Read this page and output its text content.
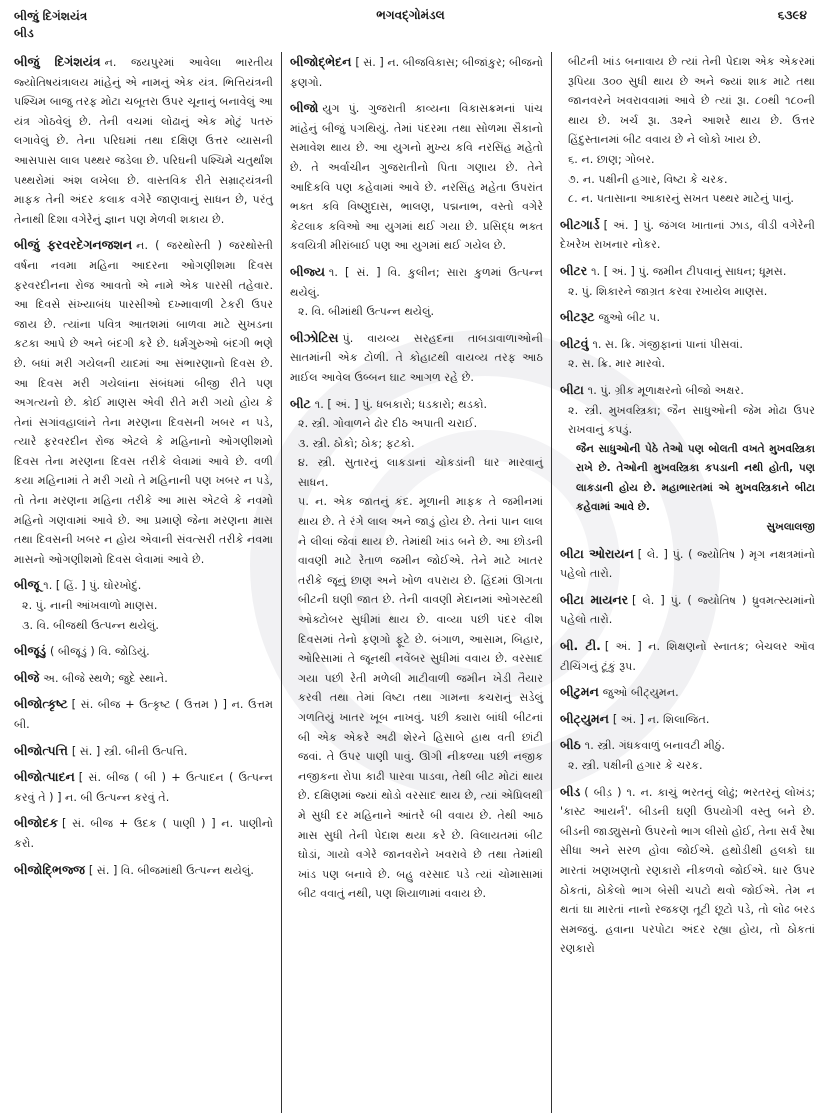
બીજું દિગંશયંત્ર
બીડ
ભગવદ્ગોમંડલ	૬૩૯૪

બીજું દિગંશયંત્ર ન. જયપુરમાં આવેલા ભારતીય જ્યોતિષયંત્રાલય માંહેનું એ નામનું એક યંત્ર. ભિત્તિયંત્રની પશ્ચિમ બાજુ તરફ મોટા ચબૂતરા ઉપર ચૂનાનું બનાવેલું આ યંત્ર ગોઠવેલું છે. તેની વચમાં લોઢાનું એક મોટું પતરું લગાવેલું છે. તેના પરિઘમાં તથા દક્ષિણ ઉત્તર વ્યાસની આસપાસ લાલ પથ્થર જડેલા છે. પરિઘની પશ્ચિમે ચતુર્થાંશ પથ્થરોમાં અંશ લખેલા છે. વાસ્તવિક રીતે સમ્રાટ્યંત્રની માફક તેની અંદર કલાક વગેરે જાણવાનું સાધન છે, પરંતુ તેનાથી દિશા વગેરેનું જ્ઞાન પણ મેળવી શકાય છે.

બીજું ફરવરદેગનજશન ન. ( જરથોસ્તી ) જરથોસ્તી વર્ષના નવમા મહિના આદરના ઓગણીશમા દિવસ ફરવરદીનના રોજ આવતો એ નામે એક પારસી તહેવાર. આ દિવસે સંખ્યાબંધ પારસીઓ દખ્માવાળી ટેકરી ઉપર જાય છે. ત્યાંના પવિત્ર આતશમાં બાળવા માટે સુખડના કટકા આપે છે અને બંદગી કરે છે. ધર્મગુરુઓ બંદગી ભણે છે. બધાં મરી ગયેલની યાદમાં આ સંભારણાનો દિવસ છે. આ દિવસ મરી ગયેલાંના સંબંધમાં બીજી રીતે પણ અગત્યનો છે. કોઈ માણસ એવી રીતે મરી ગયો હોય કે તેનાં સગાંવહાલાંને તેના મરણના દિવસની ખબર ન પડે, ત્યારે ફરવરદીન રોજ એટલે કે મહિનાનો ઓગણીશમો દિવસ તેના મરણના દિવસ તરીકે લેવામાં આવે છે. વળી કયા મહિનામાં તે મરી ગયો તે મહિનાની પણ ખબર ન પડે, તો તેના મરણના મહિના તરીકે આ માસ એટલે કે નવમો મહિનો ગણવામાં આવે છે. આ પ્રમાણે જેના મરણના માસ તથા દિવસની ખબર ન હોય એવાની સંવત્સરી તરીકે નવમા માસનો ઓગણીશમો દિવસ લેવામાં આવે છે.

બીજૂ ૧. [ હિં. ] પું. ઘોરખોદું.

૨. પું. નાની આંખવાળો માણસ.

૩. વિ. બીજથી ઉત્પન્ન થયેલું.

બીજૂડું ( બીજૂડું ) વિ. જોડિયું.

બીજે અ. બીજે સ્થળે; જુદે સ્થાને.

બીજોત્કૃષ્ટ [ સં. બીજ + ઉત્કૃષ્ટ ( ઉત્તમ ) ] ન. ઉત્તમ બી.

બીજોત્પત્તિ [ સં. ] સ્ત્રી. બીની ઉત્પત્તિ.

બીજોત્પાદન [ સં. બીજ ( બી ) + ઉત્પાદન ( ઉત્પન્ન કરવું તે ) ] ન. બી ઉત્પન્ન કરવું તે.

બીજોદક [ સં. બીજ + ઉદક ( પાણી ) ] ન. પાણીનો કરો.

બીજોદ્ભિજ્જ [ સં. ] વિ. બીજમાંથી ઉત્પન્ન થયેલું.

બીજોદ્ભેદન [ સં. ] ન. બીજવિકાસ; બીજાંકુર; બીજનો ફણગો.

બીજો યુગ પું. ગુજરાતી કાવ્યના વિકાસક્રમનાં પાંચ માંહેનું બીજું પગથિયું. તેમાં પંદરમા તથા સોળમા સૈકાનો સમાવેશ થાય છે. આ યુગનો મુખ્ય કવિ નરસિંહ મહેતો છે. તે અર્વાચીન ગુજરાતીનો પિતા ગણાય છે. તેને આદિકવિ પણ કહેવામાં આવે છે. નરસિંહ મહેતા ઉપરાંત ભક્ત કવિ વિષ્ણુદાસ, ભાલણ, પદ્મનાભ, વસ્તો વગેરે કેટલાક કવિઓ આ યુગમાં થઈ ગયા છે. પ્રસિદ્ધ ભક્ત કવયિત્રી મીરાંબાઈ પણ આ યુગમાં થઈ ગયેલ છે.

બીજ્ય ૧. [ સં. ] વિ. કુલીન; સારા કુળમાં ઉત્પન્ન થયેલું.

૨. વિ. બીમાંથી ઉત્પન્ન થયેલું.

બીઝોટિસ પું. વાયવ્ય સરહદના તાબડાવાળાઓની સાતમાંની એક ટોળી. તે કોહાટથી વાયવ્ય તરફ આઠ માઈલ આવેલ ઉબ્બન ઘાટ આગળ રહે છે.

બીટ ૧. [ અં. ] પું. ધબકારો; ધડકારો; થડકો.

૨. સ્ત્રી. ગોવાળને ઢોર દીઠ અપાતી ચરાઈ.

૩. સ્ત્રી. ઠોકો; ઠોક; ફટકો.

૪. સ્ત્રી. સુતારનું લાકડાનાં ચોકડાંની ધાર મારવાનું સાધન.

૫. ન. એક જાતનું કંદ. મૂળાની માફક તે જમીનમાં થાય છે. તે રંગે લાલ અને જાડું હોય છે. તેનાં પાન લાલ ને લીલાં જેવાં થાય છે. તેમાંથી ખાંડ બને છે. આ છોડની વાવણી માટે રેતાળ જમીન જોઈએ. તેને માટે ખાતર તરીકે જૂનું છાણ અને ખોળ વપરાય છે. હિંદમાં ઊગતા બીટની ઘણી જાત છે. તેની વાવણી મેદાનમાં ઓગસ્ટથી ઓક્ટોબર સુધીમાં થાય છે. વાવ્યા પછી પંદર વીશ દિવસમાં તેનો ફણગો ફૂટે છે. બંગાળ, આસામ, બિહાર, ઓરિસામાં તે જૂનથી નવેંબર સુધીમાં વવાય છે. વરસાદ ગયા પછી રેતી મળેલી માટીવાળી જમીન ખેડી તૈયાર કરવી તથા તેમાં વિષ્ટા તથા ગામના કચરાનું સડેલું ગળતિયું ખાતર ખૂબ નાખવું. પછી ક્યારા બાંધી બીટનાં બી એક એકરે અઢી શેરને હિસાબે હાથ વતી છાંટી જવાં. તે ઉપર પાણી પાવું. ઊગી નીકળ્યા પછી નજીક નજીકના રોપા કાઢી પારવા પાડવા, તેથી બીટ મોટાં થાય છે. દક્ષિણમાં જ્યાં થોડો વરસાદ થાય છે, ત્યાં એપ્રિલથી મે સુધી દર મહિનાને આંતરે બી વવાય છે. તેથી આઠ માસ સુધી તેની પેદાશ થયા કરે છે. વિલાયતમાં બીટ ઘોડાં, ગાયો વગેરે જાનવરોને ખવરાવે છે તથા તેમાંથી ખાંડ પણ બનાવે છે. બહુ વરસાદ પડે ત્યાં ચોમાસામાં બીટ વવાતું નથી, પણ શિયાળામાં વવાય છે.

બીટની ખાંડ બનાવાય છે ત્યાં તેની પેદાશ એક એકરમાં રૂપિયા ૩૦૦ સુધી થાય છે અને જ્યાં શાક માટે તથા જાનવરને ખવરાવવામાં આવે છે ત્યાં રૂા. ૮૦થી ૧૮૦ની થાય છે. ખર્ચ રૂા. ૩૨ને આશરે થાય છે. ઉત્તર હિંદુસ્તાનમાં બીટ વવાય છે ને લોકો ખાય છે.

૬. ન. છાણ; ગોબર.

૭. ન. પક્ષીની હગાર, વિષ્ટા કે ચરક.

૮. ન. પતાસાના આકારનું સખત પથ્થર માટેનું પાનું.

બીટગાર્ડ [ અં. ] પું. જંગલ ખાતાનાં ઝાડ, વીડી વગેરેની દેખરેખ રાખનાર નોકર.

બીટર ૧. [ અં. ] પું. જમીન ટીપવાનું સાધન; ધૂમસ.

૨. પું. શિકારને જાગ્રત કરવા રખાયેલ માણસ.

બીટરૂટ જુઓ બીટ ૫.

બીટવું ૧. સ. ક્રિ. ગંજીફાનાં પાનાં પીસવાં.

૨. સ. ક્રિ. માર મારવો.

બીટા ૧. પું. ગ્રીક મૂળાક્ષરનો બીજો અક્ષર.

૨. સ્ત્રી. મુખવસ્ત્રિકા; જૈન સાધુઓની જેમ મોઢા ઉપર રાખવાનું કપડું.

જૈન સાધુઓની પેઠે તેઓ પણ બોલતી વખતે મુખવસ્ત્રિકા રાખે છે. તેઓની મુખવસ્ત્રિકા કપડાની નથી હોતી, પણ લાકડાની હોય છે. મહાભારતમાં એ મુખવસ્ત્રિકાને બીટા કહેવામાં આવે છે.

સુખલાલજી

બીટા ઓરાયન [ લે. ] પું. ( જ્યોતિષ ) મૃગ નક્ષત્રમાંનો પહેલો તારો.

બીટા માયનર [ લે. ] પું. ( જ્યોતિષ ) ધ્રુવમત્સ્યમાંનો પહેલો તારો.

બી. ટી. [ અં. ] ન. શિક્ષણનો સ્નાતક; બેચલર ઑવ ટીચિંગનું ટૂંકું રૂપ.

બીટુમન જુઓ બીટ્યુમન.

બીટ્યુમન [ અં. ] ન. શિલાજિત.

બીઠ ૧. સ્ત્રી. ગંધકવાળું બનાવટી મીઠું.

૨. સ્ત્રી. પક્ષીની હગાર કે ચરક.

બીડ ( બીડ઼ ) ૧. ન. કાચું ભરતનું લોઢું; ભરતરનું લોખંડ; 'કાસ્ટ આયર્ન'. બીડની ઘણી ઉપયોગી વસ્તુ બને છે. બીડની જાડ્યુસનો ઉપરનો ભાગ લીસો હોઈ, તેના સર્વ રેષા સીધા અને સરળ હોવા જોઈએ. હથોડીથી હલકો ઘા મારતાં ખણખણતો રણકારો નીકળવો જોઈએ. ધાર ઉપર ઠોકતાં, ઠોકેલો ભાગ બેસી ચપટો થવો જોઈએ. તેમ ન થતાં ઘા મારતાં નાનો રજકણ તૂટી છૂટો પડે, તો લોઢ બરડ સમજવું. હવાના પરપોટા અંદર રહ્યા હોય, તો ઠોકતાં રણકારો
